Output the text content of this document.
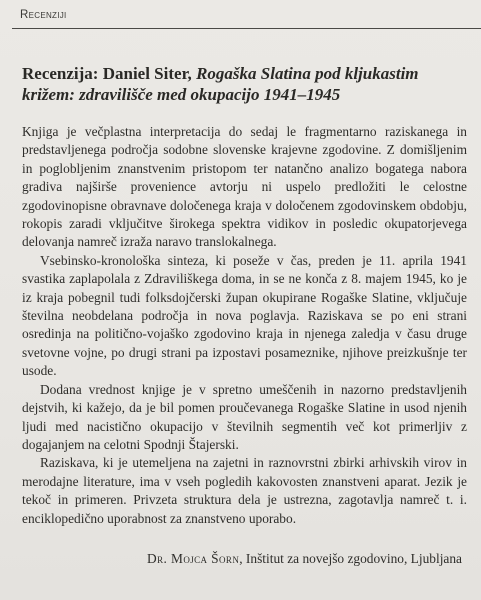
Recenziji
Recenzija: Daniel Siter, Rogaška Slatina pod kljukastim križem: zdravilišče med okupacijo 1941–1945

Knjiga je večplastna interpretacija do sedaj le fragmentarno raziskanega in predstavljenega področja sodobne slovenske krajevne zgodovine. Z domišljenim in poglobljenim znanstvenim pristopom ter natančno analizo bogatega nabora gradiva najširše provenience avtorju ni uspelo predložiti le celostne zgodovinopisne obravnave določenega kraja v določenem zgodovinskem obdobju, rokopis zaradi vključitve širokega spektra vidikov in posledic okupatorjevega delovanja namreč izraža naravo translokalnega.

Vsebinsko-kronološka sinteza, ki poseže v čas, preden je 11. aprila 1941 svastika zaplapolala z Zdraviliškega doma, in se ne konča z 8. majem 1945, ko je iz kraja pobegnil tudi folksdojčerski župan okupirane Rogaške Slatine, vključuje številna neobdelana področja in nova poglavja. Raziskava se po eni strani osredinja na politično-vojaško zgodovino kraja in njenega zaledja v času druge svetovne vojne, po drugi strani pa izpostavi posameznike, njihove preizkušnje ter usode.

Dodana vrednost knjige je v spretno umeščenih in nazorno predstavljenih dejstvih, ki kažejo, da je bil pomen proučevanega Rogaške Slatine in usod njenih ljudi med nacistično okupacijo v številnih segmentih več kot primerljiv z dogajanjem na celotni Spodnji Štajerski.

Raziskava, ki je utemeljena na zajetni in raznovrstni zbirki arhivskih virov in merodajne literature, ima v vseh pogledih kakovosten znanstveni aparat. Jezik je tekoč in primeren. Privzeta struktura dela je ustrezna, zagotavlja namreč t. i. enciklopedično uporabnost za znanstveno uporabo.

Dr. Mojca Šorn, Inštitut za novejšo zgodovino, Ljubljana
